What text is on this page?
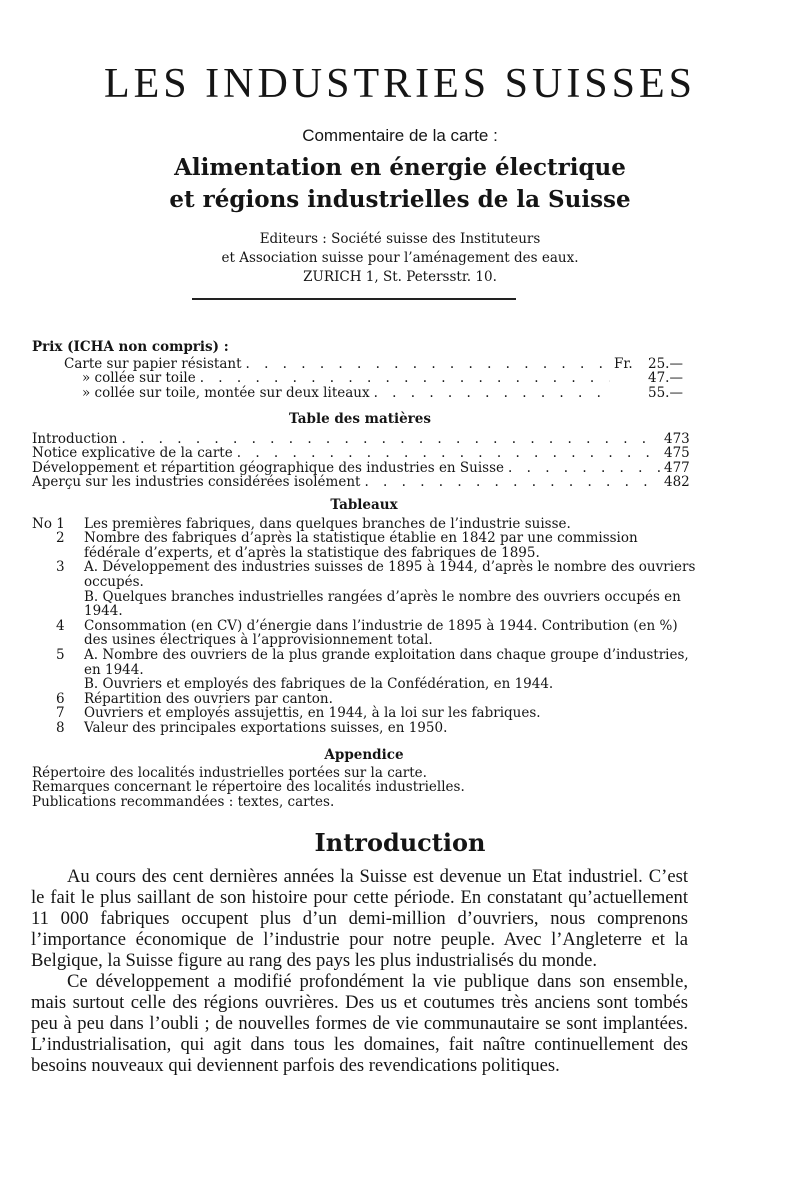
LES INDUSTRIES SUISSES
Commentaire de la carte :
Alimentation en énergie électrique
et régions industrielles de la Suisse
Editeurs : Société suisse des Instituteurs
et Association suisse pour l’aménagement des eaux.
ZURICH 1, St. Petersstr. 10.
Prix (ICHA non compris) :
Carte sur papier résistant . . .	Fr.	25.—
» collée sur toile . . .	47.—
» collée sur toile, montée sur deux liteaux . . .	55.—
Table des matières
Introduction . . .	473
Notice explicative de la carte . . .	475
Développement et répartition géographique des industries en Suisse . . .	477
Aperçu sur les industries considérées isolément . . .	482
Tableaux
No 1	Les premières fabriques, dans quelques branches de l’industrie suisse.
2	Nombre des fabriques d’après la statistique établie en 1842 par une commission fédérale d’experts, et d’après la statistique des fabriques de 1895.
3	A. Développement des industries suisses de 1895 à 1944, d’après le nombre des ouvriers occupés.
B. Quelques branches industrielles rangées d’après le nombre des ouvriers occupés en 1944.
4	Consommation (en CV) d’énergie dans l’industrie de 1895 à 1944. Contribution (en %) des usines électriques à l’approvisionnement total.
5	A. Nombre des ouvriers de la plus grande exploitation dans chaque groupe d’industries, en 1944.
B. Ouvriers et employés des fabriques de la Confédération, en 1944.
6	Répartition des ouvriers par canton.
7	Ouvriers et employés assujettis, en 1944, à la loi sur les fabriques.
8	Valeur des principales exportations suisses, en 1950.
Appendice
Répertoire des localités industrielles portées sur la carte.
Remarques concernant le répertoire des localités industrielles.
Publications recommandées : textes, cartes.
Introduction

Au cours des cent dernières années la Suisse est devenue un Etat industriel. C’est le fait le plus saillant de son histoire pour cette période. En constatant qu’actuellement 11 000 fabriques occupent plus d’un demi-million d’ouvriers, nous comprenons l’importance économique de l’industrie pour notre peuple. Avec l’Angleterre et la Belgique, la Suisse figure au rang des pays les plus industrialisés du monde.

Ce développement a modifié profondément la vie publique dans son ensemble, mais surtout celle des régions ouvrières. Des us et coutumes très anciens sont tombés peu à peu dans l’oubli ; de nouvelles formes de vie communautaire se sont implantées. L’industrialisation, qui agit dans tous les domaines, fait naître continuellement des besoins nouveaux qui deviennent parfois des revendications politiques.
